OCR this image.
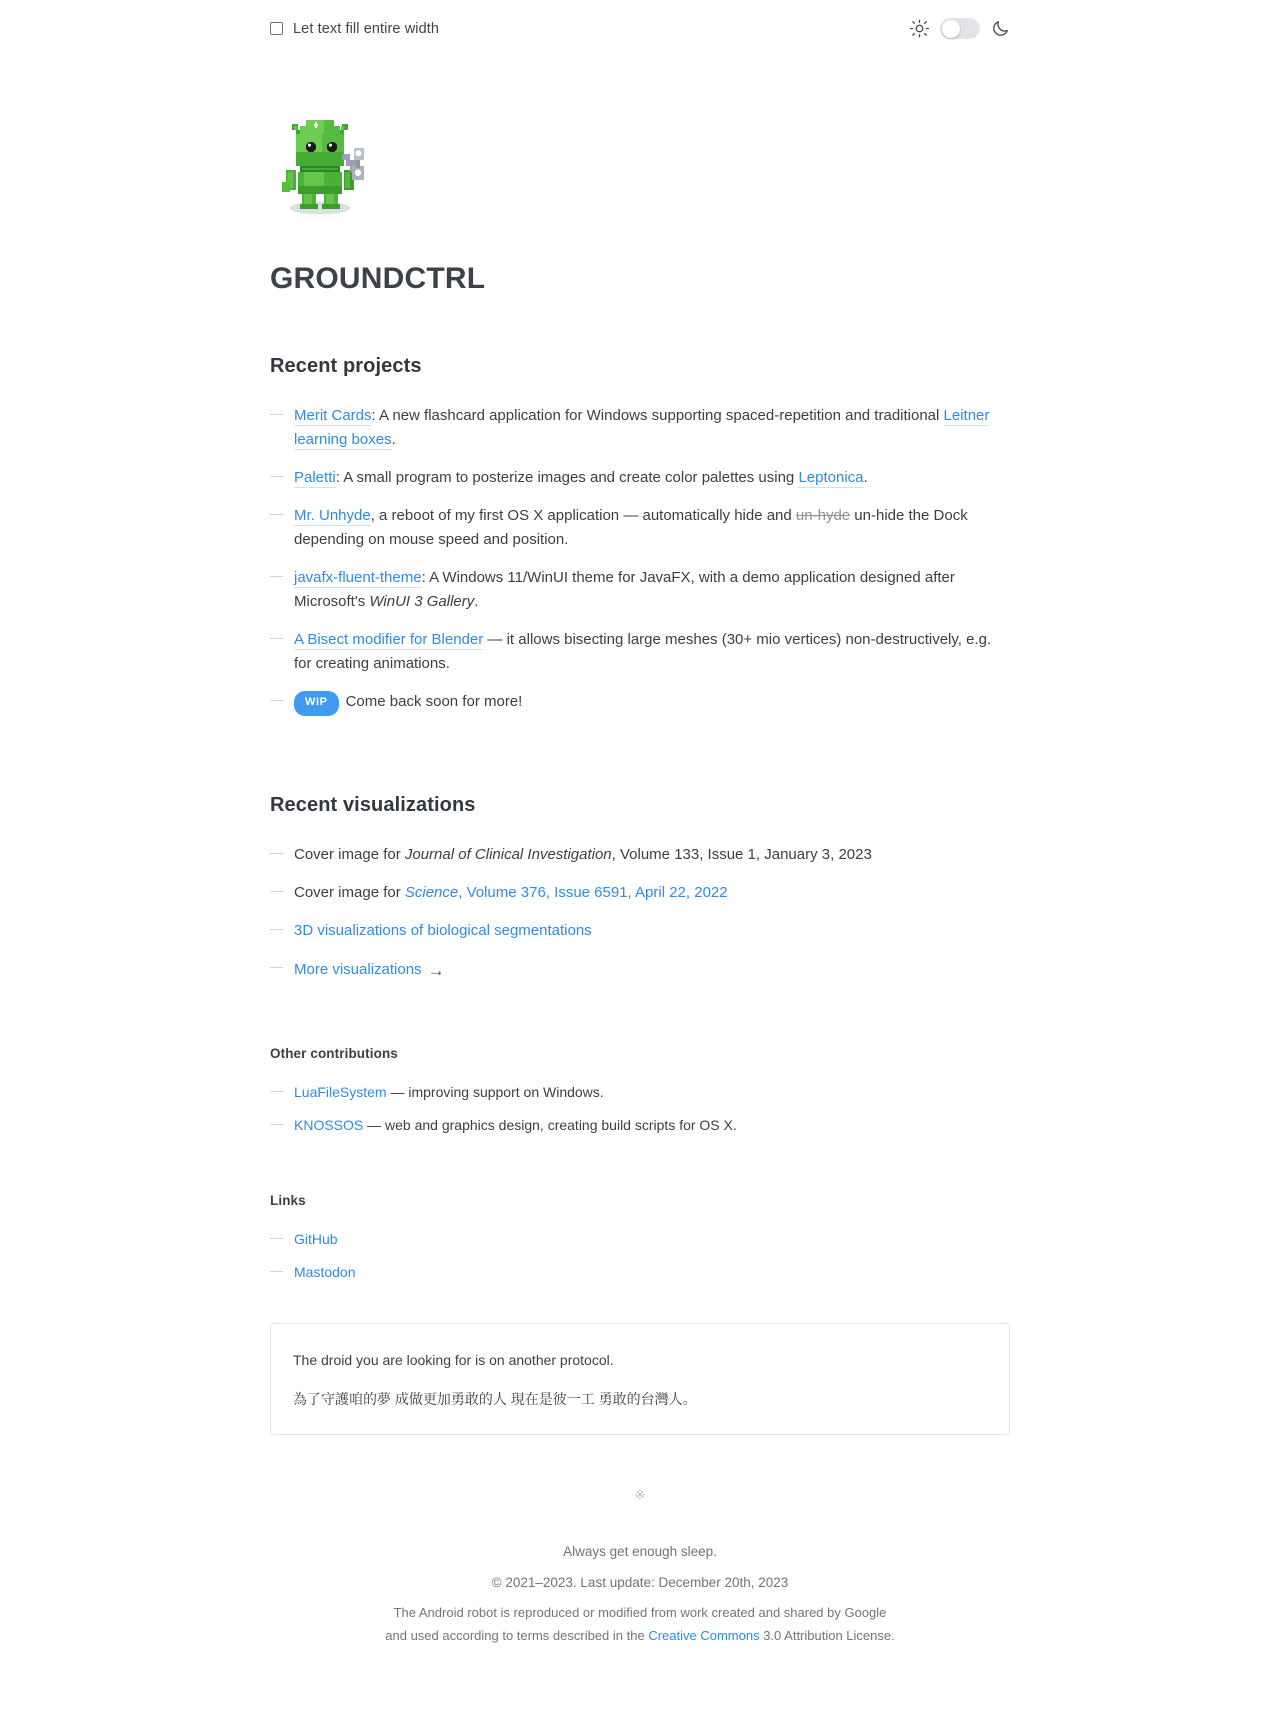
Let text fill entire width
GROUNDCTRL
Recent projects
— Merit Cards: A new flashcard application for Windows supporting spaced-repetition and traditional Leitner learning boxes.
— Paletti: A small program to posterize images and create color palettes using Leptonica.
— Mr. Unhyde, a reboot of my first OS X application — automatically hide and un-hyde un-hide the Dock depending on mouse speed and position.
— javafx-fluent-theme: A Windows 11/WinUI theme for JavaFX, with a demo application designed after Microsoft's WinUI 3 Gallery.
— A Bisect modifier for Blender — it allows bisecting large meshes (30+ mio vertices) non-destructively, e.g. for creating animations.
— WIP Come back soon for more!
Recent visualizations
— Cover image for Journal of Clinical Investigation, Volume 133, Issue 1, January 3, 2023
— Cover image for Science, Volume 376, Issue 6591, April 22, 2022
— 3D visualizations of biological segmentations
— More visualizations →
Other contributions
— LuaFileSystem — improving support on Windows.
— KNOSSOS — web and graphics design, creating build scripts for OS X.
Links
— GitHub
— Mastodon

The droid you are looking for is on another protocol.

為了守護咱的夢 成做更加勇敢的人 現在是彼一工 勇敢的台灣人。

※
Always get enough sleep.
© 2021–2023. Last update: December 20th, 2023
The Android robot is reproduced or modified from work created and shared by Google
and used according to terms described in the Creative Commons 3.0 Attribution License.
